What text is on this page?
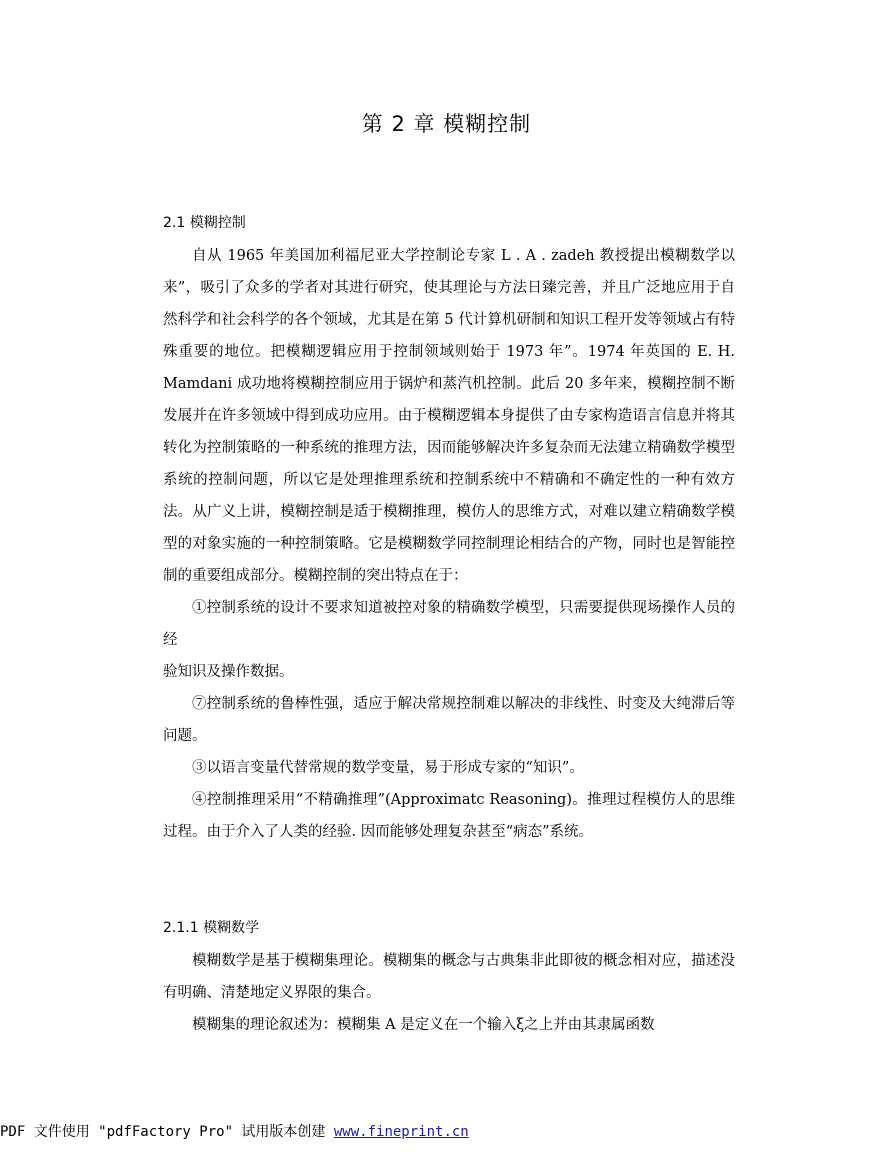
第 2 章 模糊控制
2.1 模糊控制

自从 1965 年美国加利福尼亚大学控制论专家 L . A . zadeh 教授提出模糊数学以来”，吸引了众多的学者对其进行研究，使其理论与方法日臻完善，并且广泛地应用于自然科学和社会科学的各个领域，尤其是在第 5 代计算机研制和知识工程开发等领域占有特殊重要的地位。把模糊逻辑应用于控制领域则始于 1973 年”。1974 年英国的 E. H. Mamdani 成功地将模糊控制应用于锅炉和蒸汽机控制。此后 20 多年来，模糊控制不断发展并在许多领域中得到成功应用。由于模糊逻辑本身提供了由专家构造语言信息并将其转化为控制策略的一种系统的推理方法，因而能够解决许多复杂而无法建立精确数学模型系统的控制问题，所以它是处理推理系统和控制系统中不精确和不确定性的一种有效方法。从广义上讲，模糊控制是适于模糊推理，模仿人的思维方式，对难以建立精确数学模型的对象实施的一种控制策略。它是模糊数学同控制理论相结合的产物，同时也是智能控制的重要组成部分。模糊控制的突出特点在于：

①控制系统的设计不要求知道被控对象的精确数学模型，只需要提供现场操作人员的经

验知识及操作数据。

⑦控制系统的鲁棒性强，适应于解决常规控制难以解决的非线性、时变及大纯滞后等问题。

③以语言变量代替常规的数学变量，易于形成专家的“知识”。

④控制推理采用“不精确推理”(Approximatc Reasoning)。推理过程模仿人的思维过程。由于介入了人类的经验. 因而能够处理复杂甚至“病态”系统。

2.1.1 模糊数学

模糊数学是基于模糊集理论。模糊集的概念与古典集非此即彼的概念相对应，描述没有明确、清楚地定义界限的集合。

模糊集的理论叙述为：模糊集 A 是定义在一个输入ξ之上并由其隶属函数

PDF 文件使用 "pdfFactory Pro" 试用版本创建 www.fineprint.cn
